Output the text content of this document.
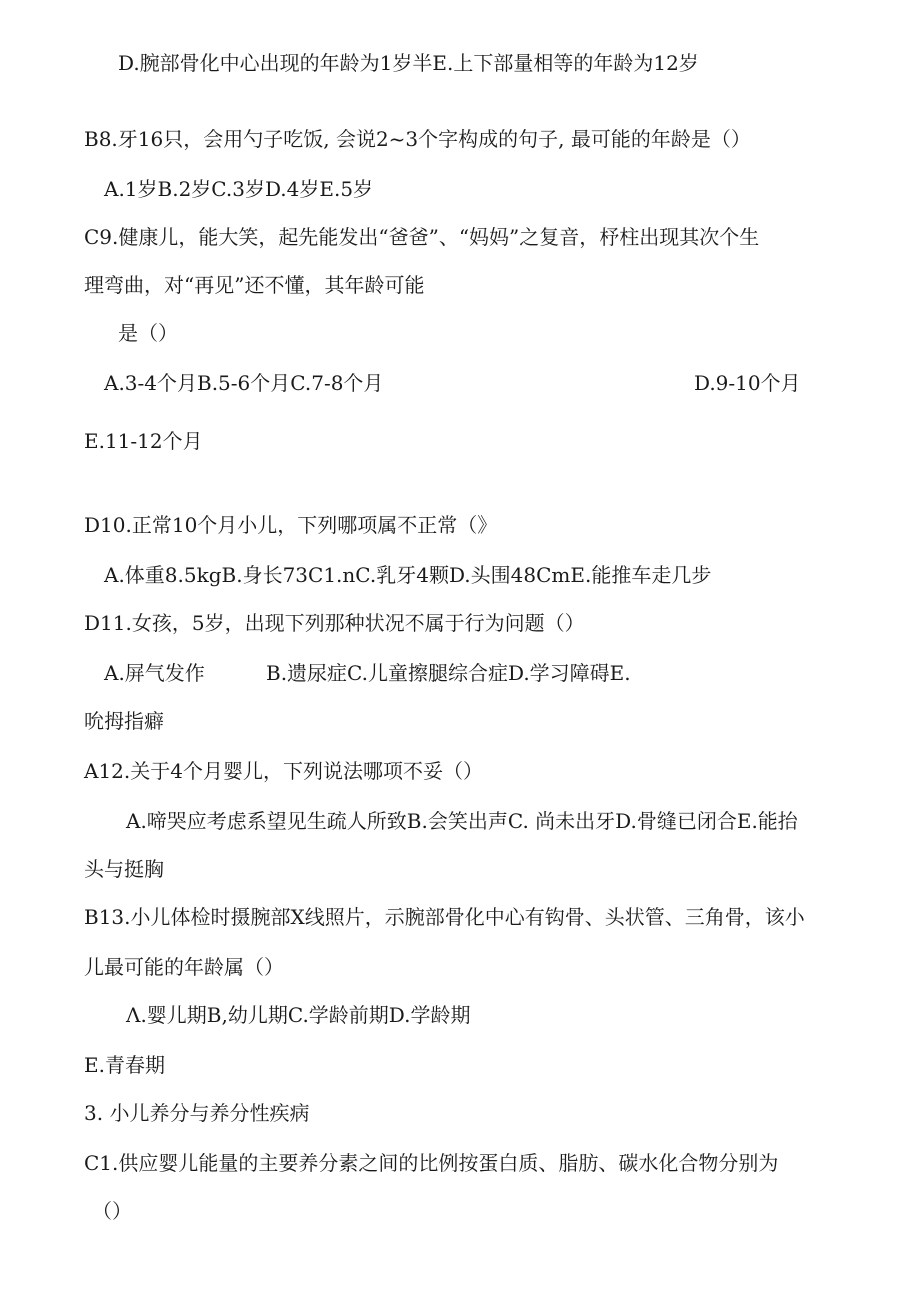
D.腕部骨化中心出现的年龄为1岁半E.上下部量相等的年龄为12岁
B8.牙16只，会用勺子吃饭, 会说2~3个字构成的句子, 最可能的年龄是（）
A.1岁B.2岁C.3岁D.4岁E.5岁
C9.健康儿，能大笑，起先能发出“爸爸”、“妈妈”之复音，杼柱出现其次个生
理弯曲，对“再见”还不懂，其年龄可能
是（）
A.3-4个月B.5-6个月C.7-8个月	D.9-10个月
E.11-12个月
D10.正常10个月小儿，下列哪项属不正常（》
A.体重8.5kgB.身长73C1.nC.乳牙4颗D.头围48CmE.能推车走几步
D11.女孩，5岁，出现下列那种状况不属于行为问题（）
A.屏气发作	B.遗尿症C.儿童擦腿综合症D.学习障碍E.
吮拇指癖
A12.关于4个月婴儿，下列说法哪项不妥（）
A.啼哭应考虑系望见生疏人所致B.会笑出声C. 尚未出牙D.骨缝已闭合E.能抬
头与挺胸
B13.小儿体检时摄腕部X线照片，示腕部骨化中心有钩骨、头状管、三角骨，该小
儿最可能的年龄属（）
Λ.婴儿期B,幼儿期C.学龄前期D.学龄期
E.青春期
3. 小儿养分与养分性疾病
C1.供应婴儿能量的主要养分素之间的比例按蛋白质、脂肪、碳水化合物分别为
（）
